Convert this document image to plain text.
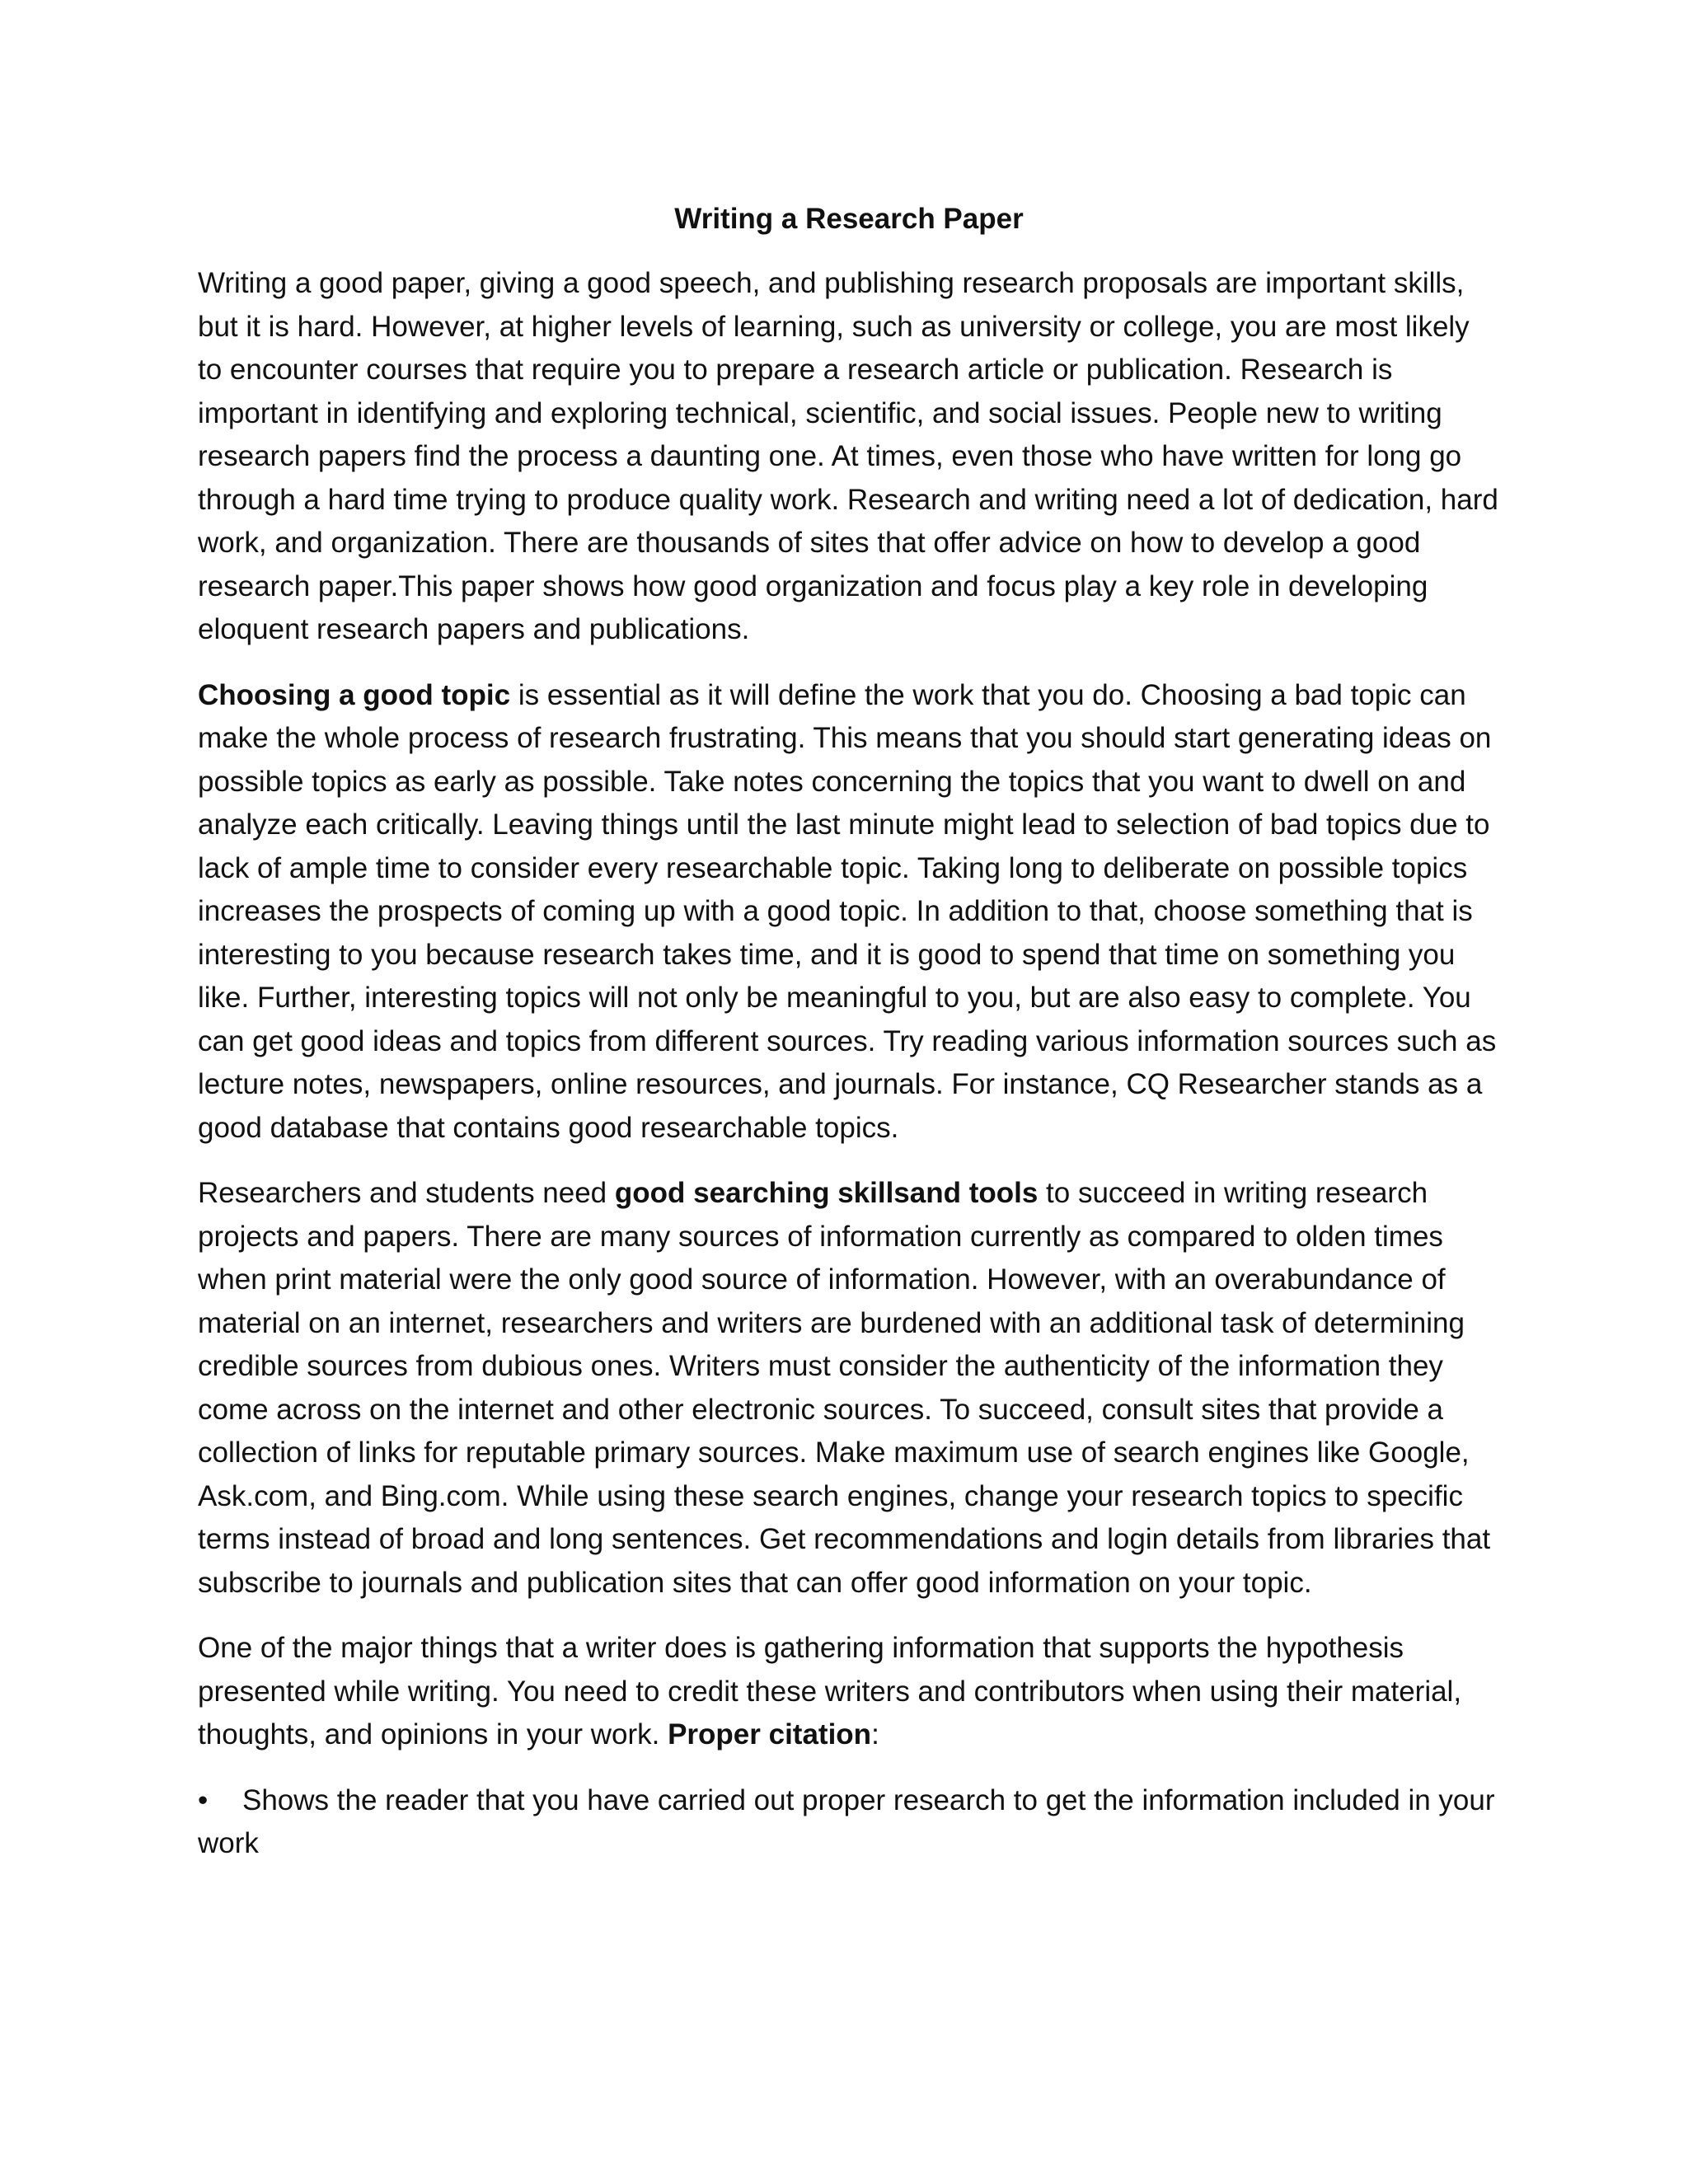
Writing a Research Paper

Writing a good paper, giving a good speech, and publishing research proposals are important skills, but it is hard. However, at higher levels of learning, such as university or college, you are most likely to encounter courses that require you to prepare a research article or publication. Research is important in identifying and exploring technical, scientific, and social issues. People new to writing research papers find the process a daunting one. At times, even those who have written for long go through a hard time trying to produce quality work. Research and writing need a lot of dedication, hard work, and organization. There are thousands of sites that offer advice on how to develop a good research paper.This paper shows how good organization and focus play a key role in developing eloquent research papers and publications.

Choosing a good topic is essential as it will define the work that you do. Choosing a bad topic can make the whole process of research frustrating. This means that you should start generating ideas on possible topics as early as possible. Take notes concerning the topics that you want to dwell on and analyze each critically. Leaving things until the last minute might lead to selection of bad topics due to lack of ample time to consider every researchable topic. Taking long to deliberate on possible topics increases the prospects of coming up with a good topic. In addition to that, choose something that is interesting to you because research takes time, and it is good to spend that time on something you like. Further, interesting topics will not only be meaningful to you, but are also easy to complete. You can get good ideas and topics from different sources. Try reading various information sources such as lecture notes, newspapers, online resources, and journals. For instance, CQ Researcher stands as a good database that contains good researchable topics.

Researchers and students need good searching skillsand tools to succeed in writing research projects and papers. There are many sources of information currently as compared to olden times when print material were the only good source of information. However, with an overabundance of material on an internet, researchers and writers are burdened with an additional task of determining credible sources from dubious ones. Writers must consider the authenticity of the information they come across on the internet and other electronic sources. To succeed, consult sites that provide a collection of links for reputable primary sources. Make maximum use of search engines like Google, Ask.com, and Bing.com. While using these search engines, change your research topics to specific terms instead of broad and long sentences. Get recommendations and login details from libraries that subscribe to journals and publication sites that can offer good information on your topic.

One of the major things that a writer does is gathering information that supports the hypothesis presented while writing. You need to credit these writers and contributors when using their material, thoughts, and opinions in your work. Proper citation:

• Shows the reader that you have carried out proper research to get the information included in your work
